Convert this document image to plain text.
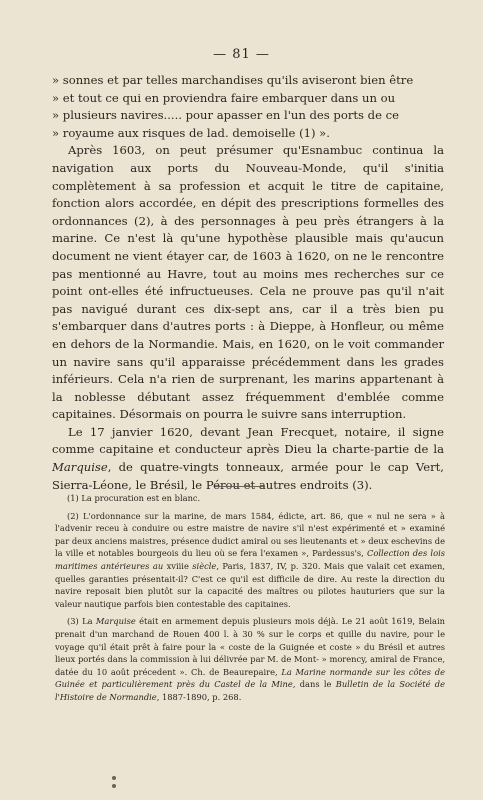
— 81 —
» sonnes et par telles marchandises qu'ils aviseront bien être
» et tout ce qui en proviendra faire embarquer dans un ou
» plusieurs navires..... pour apasser en l'un des ports de ce
» royaume aux risques de lad. demoiselle (1) ».

Après 1603, on peut présumer qu'Esnambuc continua la navigation aux ports du Nouveau-Monde, qu'il s'initia complètement à sa profession et acquit le titre de capitaine, fonction alors accordée, en dépit des prescriptions formelles des ordonnances (2), à des personnages à peu près étrangers à la marine. Ce n'est là qu'une hypothèse plausible mais qu'aucun document ne vient étayer car, de 1603 à 1620, on ne le rencontre pas mentionné au Havre, tout au moins mes recherches sur ce point ont-elles été infructueuses. Cela ne prouve pas qu'il n'ait pas navigué durant ces dix-sept ans, car il a très bien pu s'embarquer dans d'autres ports : à Dieppe, à Honfleur, ou même en dehors de la Normandie. Mais, en 1620, on le voit commander un navire sans qu'il apparaisse précédemment dans les grades inférieurs. Cela n'a rien de surprenant, les marins appartenant à la noblesse débutant assez fréquemment d'emblée comme capitaines. Désormais on pourra le suivre sans interruption.

Le 17 janvier 1620, devant Jean Frecquet, notaire, il signe comme capitaine et conducteur après Dieu la charte-partie de la Marquise, de quatre-vingts tonneaux, armée pour le cap Vert, Sierra-Léone, le Brésil, le Pérou et autres endroits (3).

(1) La procuration est en blanc.

(2) L'ordonnance sur la marine, de mars 1584, édicte, art. 86, que « nul ne sera » à l'advenir receu à conduire ou estre maistre de navire s'il n'est expérimenté et » examiné par deux anciens maistres, présence dudict amiral ou ses lieutenants et » deux eschevins de la ville et notables bourgeois du lieu où se fera l'examen », Pardessus's, Collection des lois maritimes antérieures au xviiie siècle, Paris, 1837, IV, p. 320. Mais que valait cet examen, quelles garanties présentait-il? C'est ce qu'il est difficile de dire. Au reste la direction du navire reposait bien plutôt sur la capacité des maîtres ou pilotes hauturiers que sur la valeur nautique parfois bien contestable des capitaines.

(3) La Marquise était en armement depuis plusieurs mois déjà. Le 21 août 1619, Belain prenait d'un marchand de Rouen 400 l. à 30 % sur le corps et quille du navire, pour le voyage qu'il était prêt à faire pour la « coste de la Guignée et coste » du Brésil et autres lieux portés dans la commission à lui délivrée par M. de Mont- » morency, amiral de France, datée du 10 août précedent ». Ch. de Beaurepaire, La Marine normande sur les côtes de Guinée et particulièrement près du Castel de la Mine, dans le Bulletin de la Société de l'Histoire de Normandie, 1887-1890, p. 268.
